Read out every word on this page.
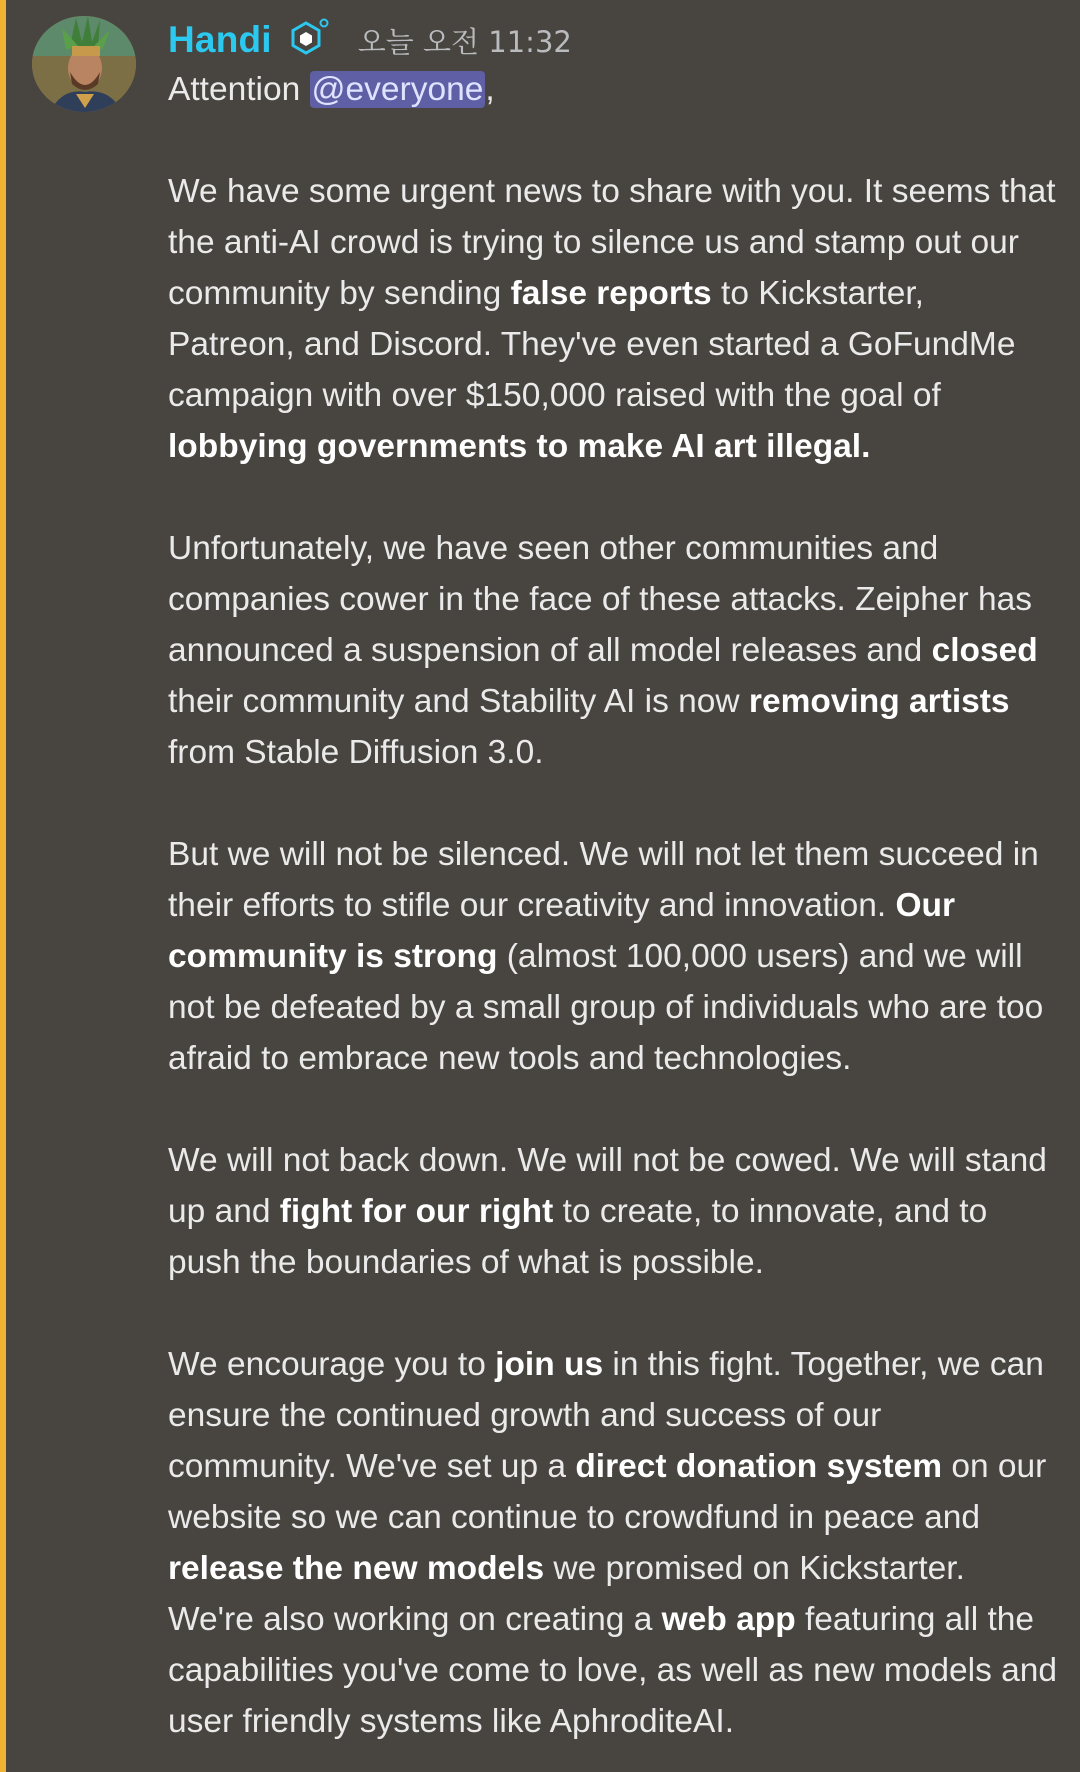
Handi	오늘 오전 11:32

Attention @everyone,

We have some urgent news to share with you. It seems that the anti-AI crowd is trying to silence us and stamp out our community by sending false reports to Kickstarter, Patreon, and Discord. They've even started a GoFundMe campaign with over $150,000 raised with the goal of lobbying governments to make AI art illegal.

Unfortunately, we have seen other communities and companies cower in the face of these attacks. Zeipher has announced a suspension of all model releases and closed their community and Stability AI is now removing artists from Stable Diffusion 3.0.

But we will not be silenced. We will not let them succeed in their efforts to stifle our creativity and innovation. Our community is strong (almost 100,000 users) and we will not be defeated by a small group of individuals who are too afraid to embrace new tools and technologies.

We will not back down. We will not be cowed. We will stand up and fight for our right to create, to innovate, and to push the boundaries of what is possible.

We encourage you to join us in this fight. Together, we can ensure the continued growth and success of our community. We've set up a direct donation system on our website so we can continue to crowdfund in peace and release the new models we promised on Kickstarter. We're also working on creating a web app featuring all the capabilities you've come to love, as well as new models and user friendly systems like AphroditeAI.
